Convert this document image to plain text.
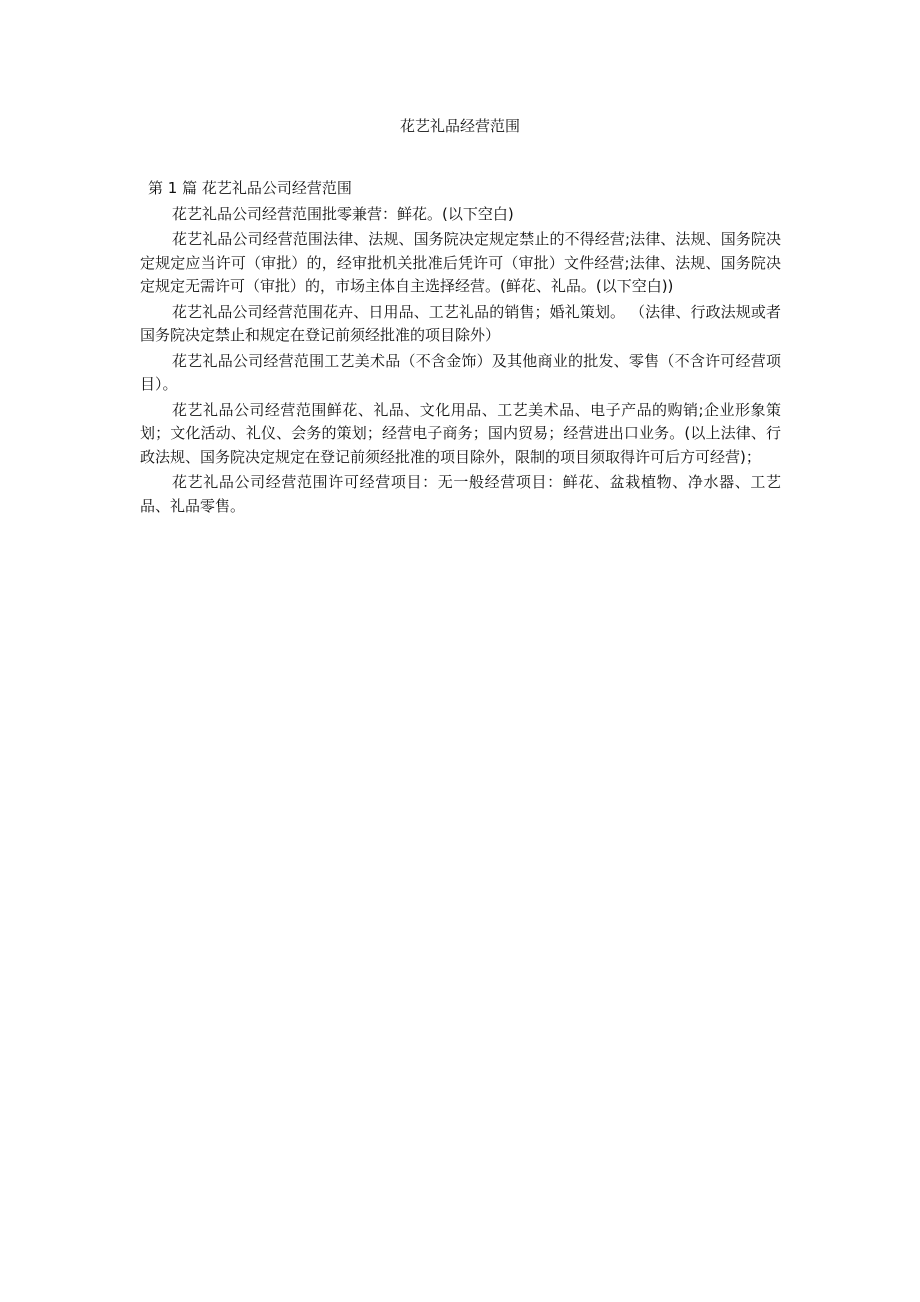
花艺礼品经营范围
第 1 篇 花艺礼品公司经营范围

花艺礼品公司经营范围批零兼营：鲜花。(以下空白)

花艺礼品公司经营范围法律、法规、国务院决定规定禁止的不得经营;法律、法规、国务院决定规定应当许可（审批）的，经审批机关批准后凭许可（审批）文件经营;法律、法规、国务院决定规定无需许可（审批）的，市场主体自主选择经营。(鲜花、礼品。(以下空白))

花艺礼品公司经营范围花卉、日用品、工艺礼品的销售；婚礼策划。 （法律、行政法规或者国务院决定禁止和规定在登记前须经批准的项目除外）

花艺礼品公司经营范围工艺美术品（不含金饰）及其他商业的批发、零售（不含许可经营项目）。

花艺礼品公司经营范围鲜花、礼品、文化用品、工艺美术品、电子产品的购销;企业形象策划；文化活动、礼仪、会务的策划；经营电子商务；国内贸易；经营进出口业务。(以上法律、行政法规、国务院决定规定在登记前须经批准的项目除外，限制的项目须取得许可后方可经营)；

花艺礼品公司经营范围许可经营项目：无一般经营项目：鲜花、盆栽植物、净水器、工艺品、礼品零售。
